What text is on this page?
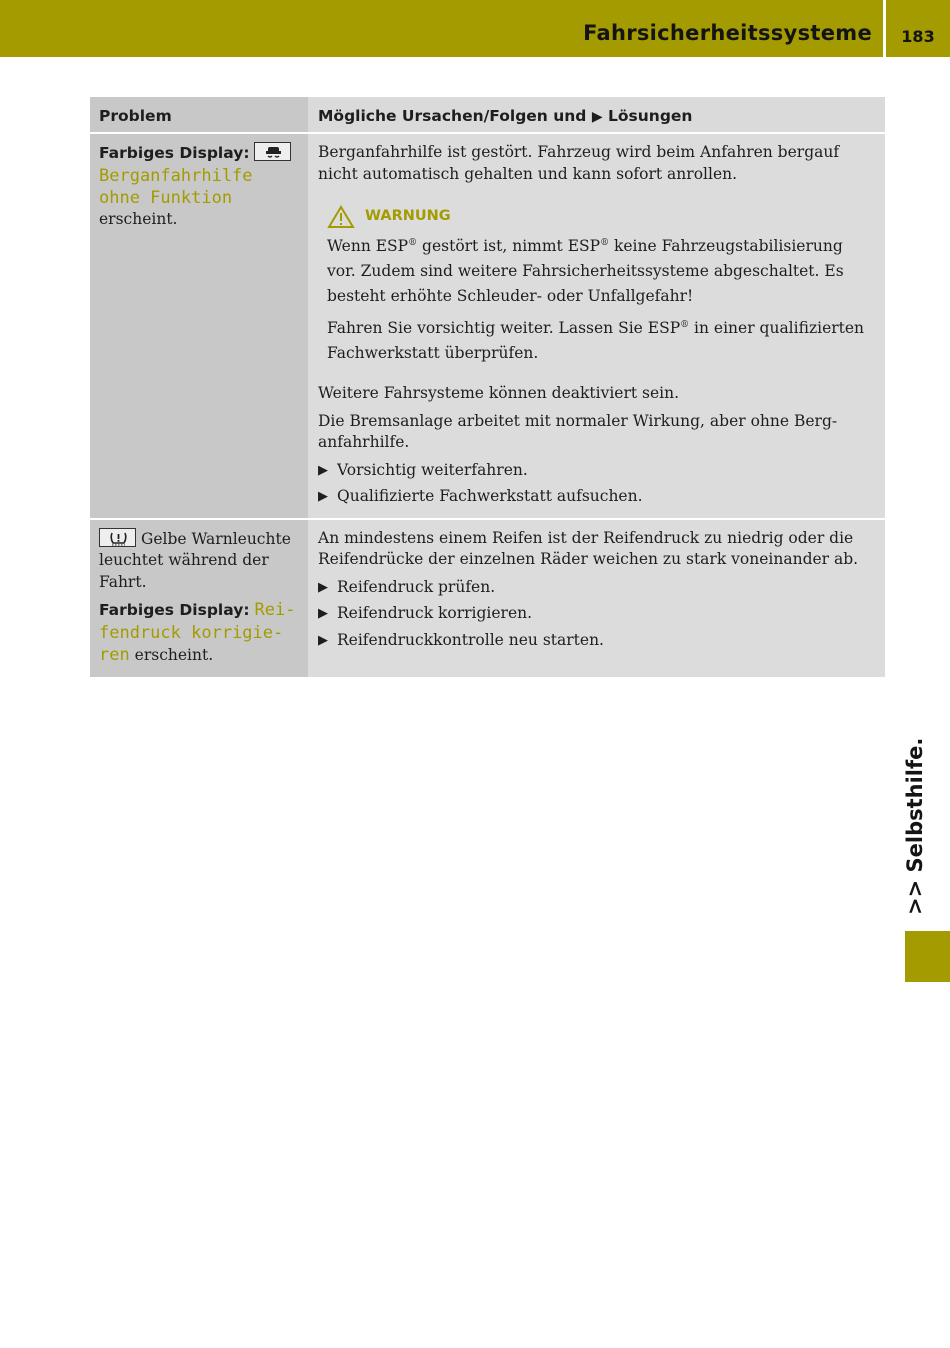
Fahrsicherheitssysteme	183
Problem	Mögliche Ursachen/Folgen und ▶ Lösungen
Farbiges Display:
Berganfahrhilfe ohne Funktion
erscheint.

Berganfahrhilfe ist gestört. Fahrzeug wird beim Anfahren bergauf nicht automatisch gehalten und kann sofort anrollen.

WARNUNG

Wenn ESP® gestört ist, nimmt ESP® keine Fahrzeugstabilisierung vor. Zudem sind weitere Fahrsicherheitssysteme abgeschaltet. Es besteht erhöhte Schleuder- oder Unfallgefahr!

Fahren Sie vorsichtig weiter. Lassen Sie ESP® in einer qualifizierten Fachwerkstatt überprüfen.

Weitere Fahrsysteme können deaktiviert sein.

Die Bremsanlage arbeitet mit normaler Wirkung, aber ohne Berganfahrhilfe.

▶ Vorsichtig weiterfahren.
▶ Qualifizierte Fachwerkstatt aufsuchen.
Gelbe Warnleuchte leuchtet während der Fahrt.
Farbiges Display: Reifendruck korrigieren erscheint.

An mindestens einem Reifen ist der Reifendruck zu niedrig oder die Reifendrücke der einzelnen Räder weichen zu stark voneinander ab.

▶ Reifendruck prüfen.
▶ Reifendruck korrigieren.
▶ Reifendruckkontrolle neu starten.
>> Selbsthilfe.
